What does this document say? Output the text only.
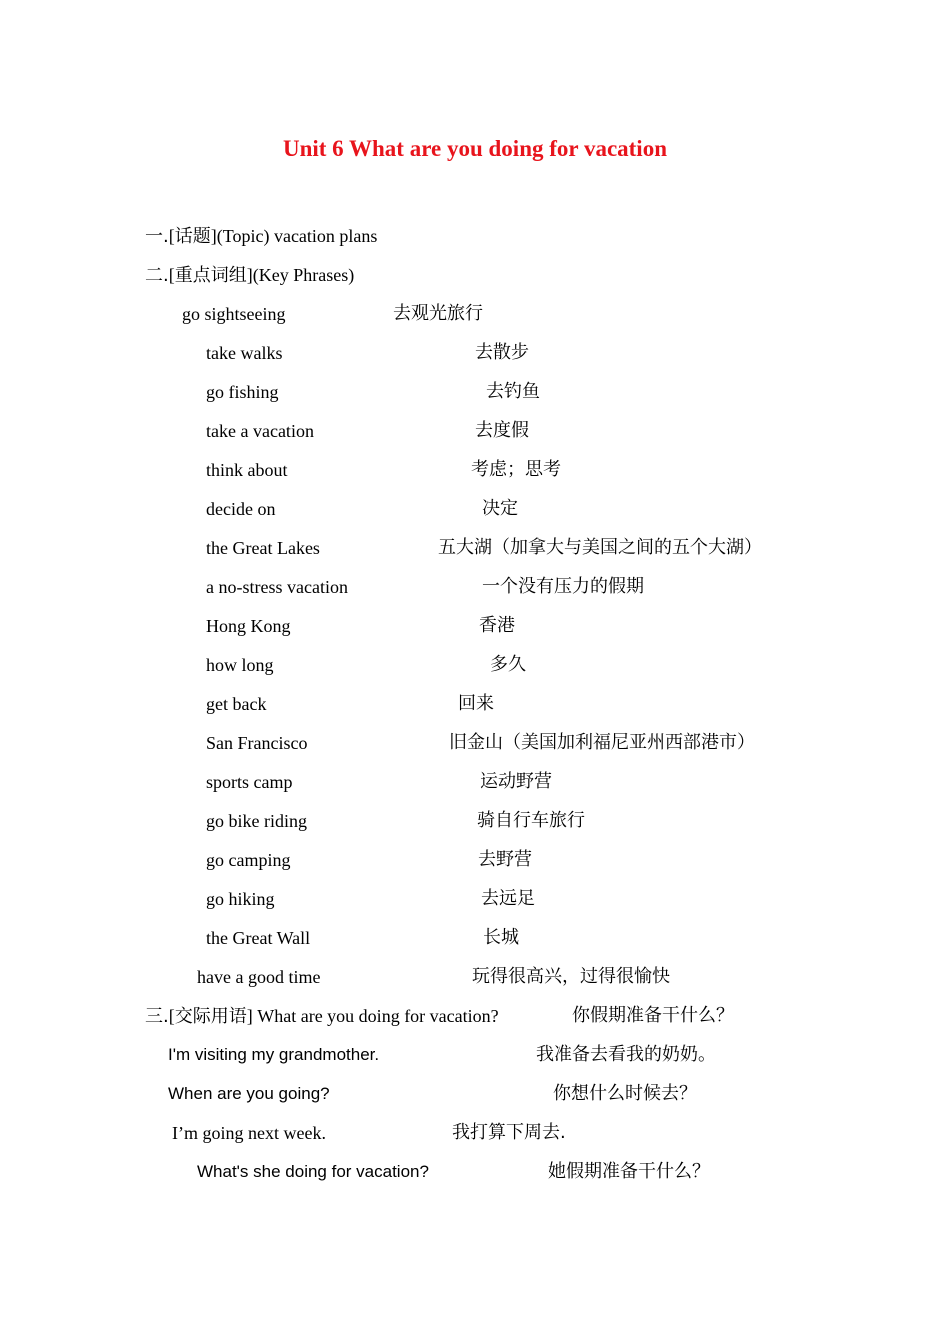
Unit 6 What are you doing for vacation
一.[话题](Topic) vacation plans
二.[重点词组](Key Phrases)
go sightseeing	去观光旅行
take walks	去散步
go fishing	去钓鱼
take a vacation	去度假
think about	考虑；思考
decide on	决定
the Great Lakes	五大湖（加拿大与美国之间的五个大湖）
a no-stress vacation	一个没有压力的假期
Hong Kong	香港
how long	多久
get back	回来
San Francisco	旧金山（美国加利福尼亚州西部港市）
sports camp	运动野营
go bike riding	骑自行车旅行
go camping	去野营
go hiking	去远足
the Great Wall	长城
have a good time	玩得很高兴，过得很愉快
三.[交际用语] What are you doing for vacation?	你假期准备干什么？
I'm visiting my grandmother.	我准备去看我的奶奶。
When are you going?	你想什么时候去？
I’m going next week.	我打算下周去.
What's she doing for vacation?	她假期准备干什么？
